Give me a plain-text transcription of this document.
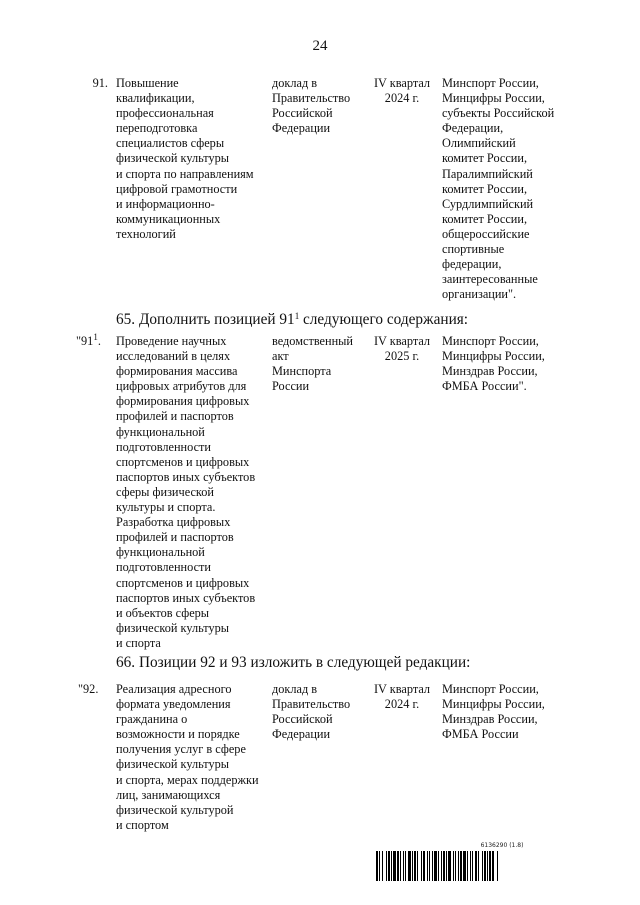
24
91. Повышение
квалификации,
профессиональная
переподготовка
специалистов сферы
физической культуры
и спорта по направлениям
цифровой грамотности
и информационно-
коммуникационных
технологий
доклад в
Правительство
Российской
Федерации
IV квартал
2024 г.
Минспорт России,
Минцифры России,
субъекты Российской
Федерации,
Олимпийский
комитет России,
Паралимпийский
комитет России,
Сурдлимпийский
комитет России,
общероссийские
спортивные
федерации,
заинтересованные
организации".
65. Дополнить позицией $91^1$ следующего содержания:
"$91^1$.	Проведение научных
исследований в целях
формирования массива
цифровых атрибутов для
формирования цифровых
профилей и паспортов
функциональной
подготовленности
спортсменов и цифровых
паспортов иных субъектов
сферы физической
культуры и спорта.
Разработка цифровых
профилей и паспортов
функциональной
подготовленности
спортсменов и цифровых
паспортов иных субъектов
и объектов сферы
физической культуры
и спорта
ведомственный
акт
Минспорта
России
IV квартал
2025 г.
Минспорт России,
Минцифры России,
Минздрав России,
ФМБА России".
66. Позиции 92 и 93 изложить в следующей редакции:
"92.	Реализация адресного
формата уведомления
гражданина о
возможности и порядке
получения услуг в сфере
физической культуры
и спорта, мерах поддержки
лиц, занимающихся
физической культурой
и спортом
доклад в
Правительство
Российской
Федерации
IV квартал
2024 г.
Минспорт России,
Минцифры России,
Минздрав России,
ФМБА России
6136290 (1.8)
